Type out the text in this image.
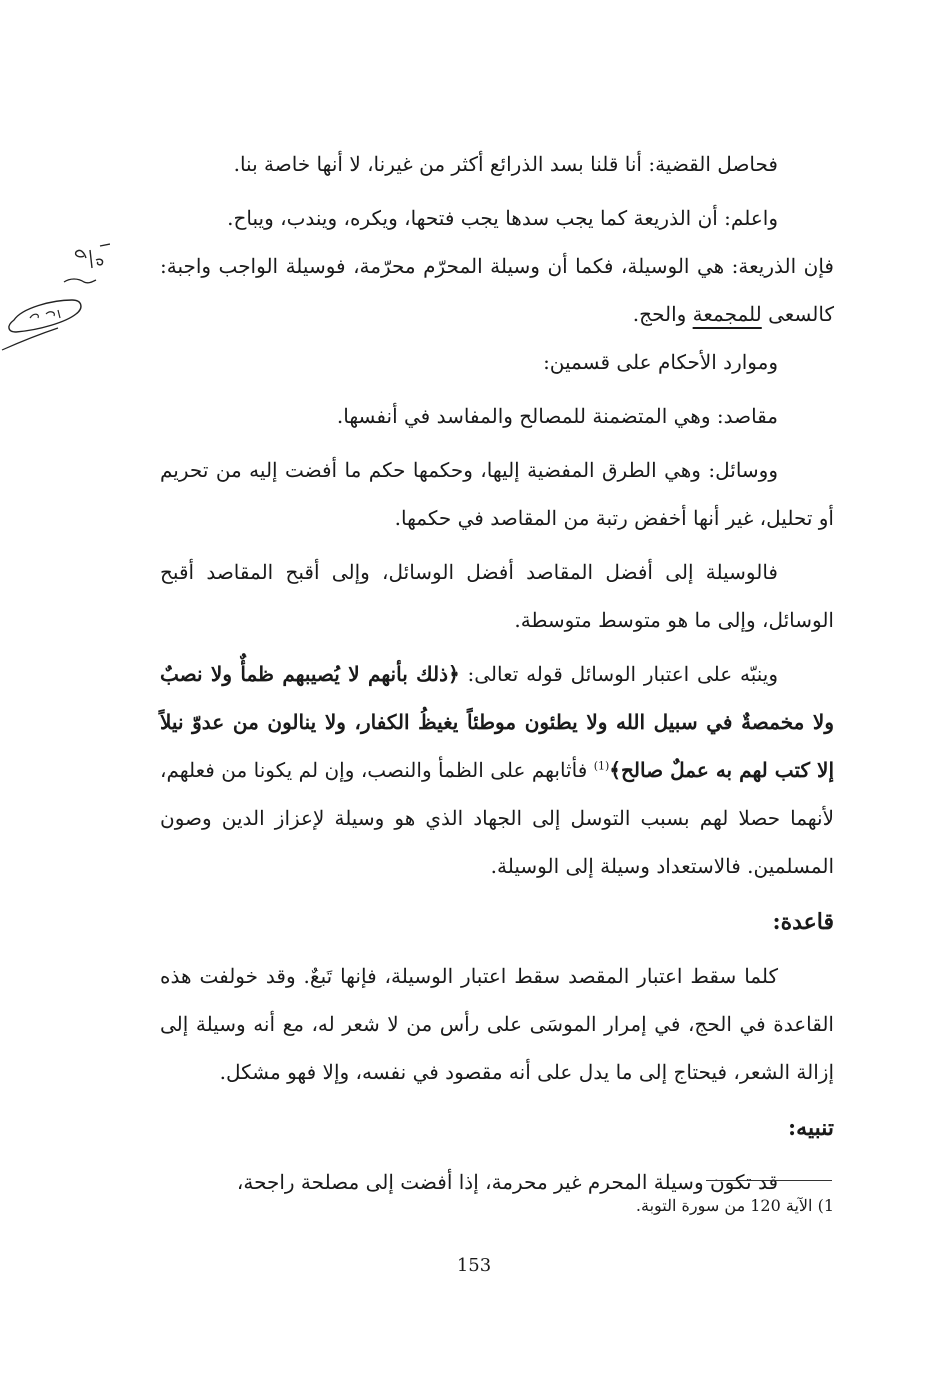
فحاصل القضية: أنا قلنا بسد الذرائع أكثر من غيرنا، لا أنها خاصة بنا.

واعلم: أن الذريعة كما يجب سدها يجب فتحها، ويكره، ويندب، ويباح.

فإن الذريعة: هي الوسيلة، فكما أن وسيلة المحرّم محرّمة، فوسيلة الواجب واجبة: كالسعى للمجمعة والحج.

وموارد الأحكام على قسمين:

مقاصد: وهي المتضمنة للمصالح والمفاسد في أنفسها.

ووسائل: وهي الطرق المفضية إليها، وحكمها حكم ما أفضت إليه من تحريم أو تحليل، غير أنها أخفض رتبة من المقاصد في حكمها.

فالوسيلة إلى أفضل المقاصد أفضل الوسائل، وإلى أقبح المقاصد أقبح الوسائل، وإلى ما هو متوسط متوسطة.

وينبّه على اعتبار الوسائل قوله تعالى: ﴿ذلك بأنهم لا يُصيبهم ظمأٌ ولا نصبٌ ولا مخمصةٌ في سبيل الله ولا يطئون موطئاً يغيظُ الكفار، ولا ينالون من عدوّ نيلاً إلا كتب لهم به عملٌ صالح﴾$^{(1)}$ فأثابهم على الظمأ والنصب، وإن لم يكونا من فعلهم، لأنهما حصلا لهم بسبب التوسل إلى الجهاد الذي هو وسيلة لإعزاز الدين وصون المسلمين. فالاستعداد وسيلة إلى الوسيلة.

قاعدة:

كلما سقط اعتبار المقصد سقط اعتبار الوسيلة، فإنها تَبعٌ. وقد خولفت هذه القاعدة في الحج، في إمرار الموسَى على رأس من لا شعر له، مع أنه وسيلة إلى إزالة الشعر، فيحتاج إلى ما يدل على أنه مقصود في نفسه، وإلا فهو مشكل.

تنبيه:

قد تكون وسيلة المحرم غير محرمة، إذا أفضت إلى مصلحة راجحة،

1) الآية 120 من سورة التوبة.
153
